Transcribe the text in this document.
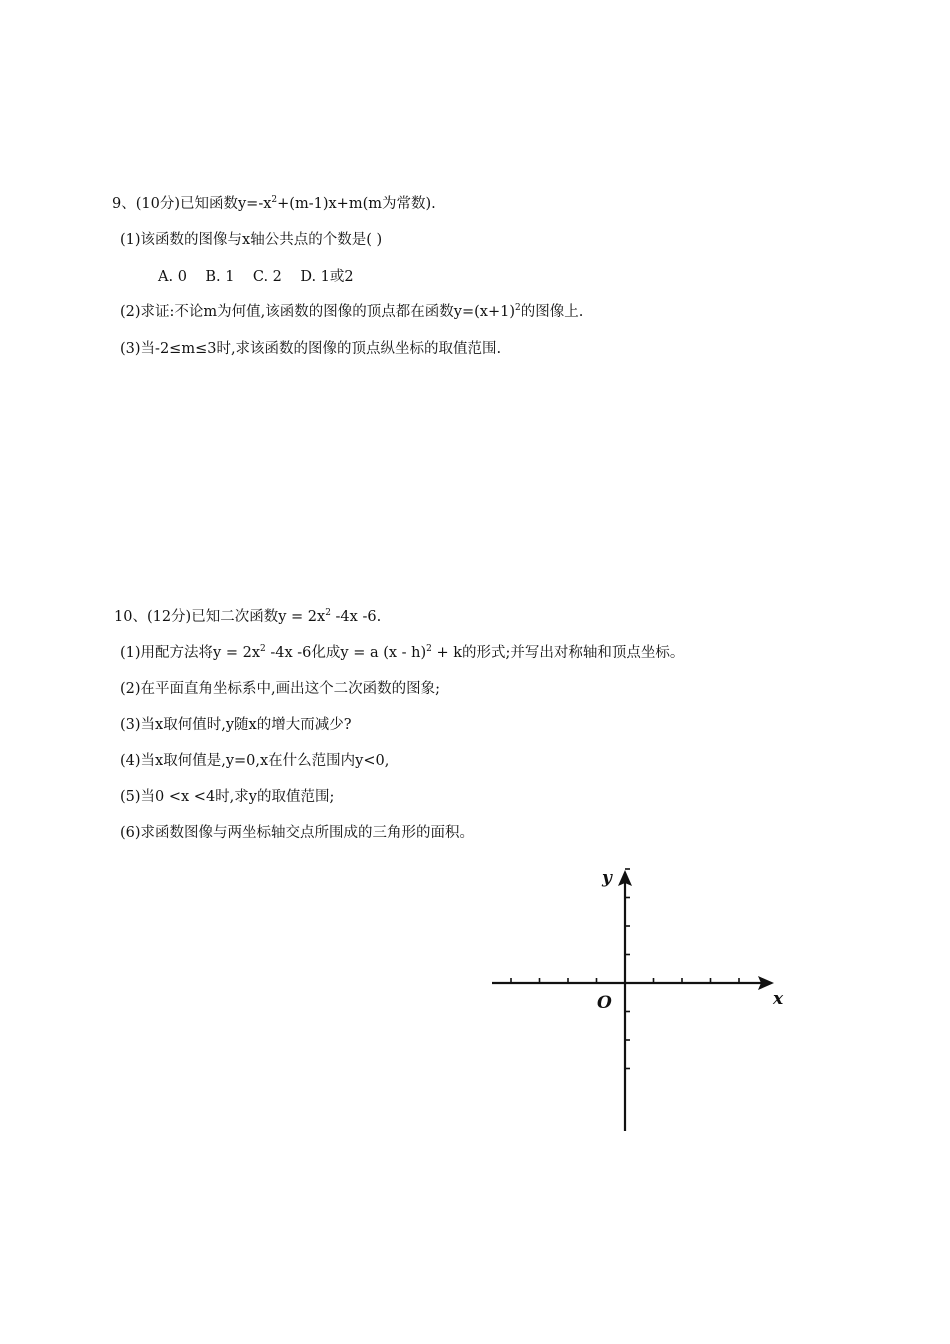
9、(10分)已知函数$y=-x^2+(m-1)x+m(m$为常数).
(1)该函数的图像与x轴公共点的个数是( )
A. 0    B. 1    C. 2    D. 1或2
(2)求证:不论m为何值,该函数的图像的顶点都在函数$y=(x+1)^2$的图像上.
(3)当-2≤m≤3时,求该函数的图像的顶点纵坐标的取值范围.
10、(12分)已知二次函数$y = 2x^2$ -4x -6.
(1)用配方法将$y = 2x^2$ -4x -6化成y = a (x - h)$^2$ + k的形式;并写出对称轴和顶点坐标。
(2)在平面直角坐标系中,画出这个二次函数的图象;
(3)当x取何值时,y随x的增大而减少?
(4)当x取何值是,y=0,x在什么范围内y<0,
(5)当0 <x <4时,求y的取值范围;
(6)求函数图像与两坐标轴交点所围成的三角形的面积。
y
x
O
